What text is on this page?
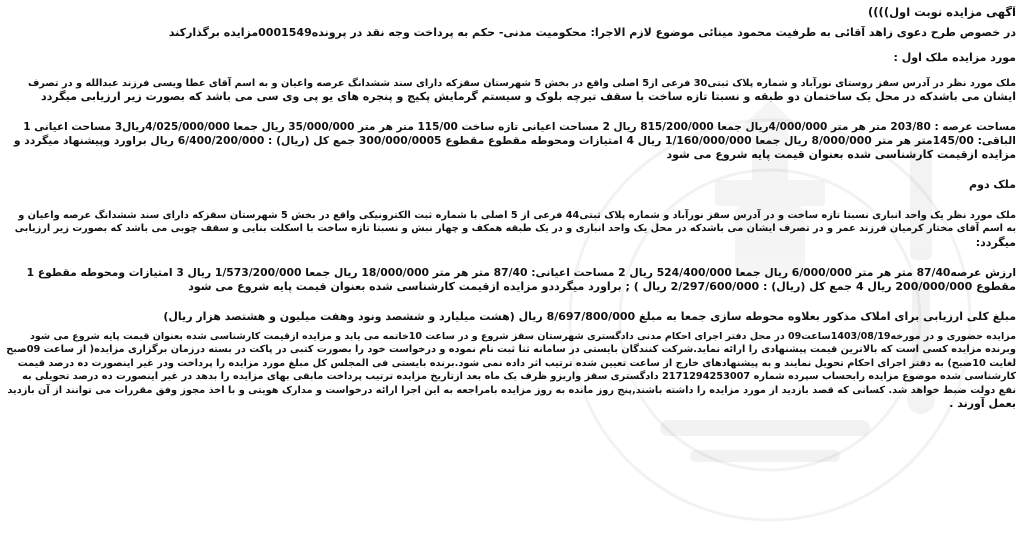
آگهی مزایده نوبت اول))))
در خصوص طرح دعوی زاهد آقائی به طرفیت محمود مینائی موضوع لازم الاجرا: محکومیت مدنی- حکم به پرداخت وجه نقد در پرونده0001549مزایده برگذارکند
مورد مزایده ملک اول :
ملک مورد نظر در آدرس سقز روستای نورآباد و شماره پلاک ثبتی30 فرعی از5 اصلی واقع در بخش 5 شهرستان سقزکه دارای سند ششدانگ عرصه واعیان و به اسم آقای عطا ویسی فرزند عبدالله و در تصرف
ایشان می باشدکه در محل یک ساختمان دو طبقه و نسبتا تازه ساخت با سقف تیرچه بلوک و سیستم گرمایش پکیج و پنجره های یو پی وی سی می باشد که بصورت زیر ارزیابی میگردد
مساحت عرصه : 203/80 متر هر متر 4/000/000ریال جمعا 815/200/000 ریال 2 مساحت اعیانی تازه ساخت 115/00 متر هر متر 35/000/000 ریال جمعا 4/025/000/000ریال3 مساحت اعیانی 1
الباقی: 145/00متر هر متر 8/000/000 ریال جمعا 1/160/000/000 ریال 4 امتیازات ومحوطه مقطوع مقطوع 300/000/0005 جمع کل (ریال) : 6/400/200/000 ریال براورد وپیشنهاد میگردد و
مزایده ازقیمت کارشناسی شده بعنوان قیمت پایه شروع می شود
ملک دوم
ملک مورد نظر یک واحد انباری نسبتا تازه ساخت و در آدرس سقز نورآباد و شماره پلاک ثبتی44 فرعی از 5 اصلی با شماره ثبت الکترونیکی واقع در بخش 5 شهرستان سقزکه دارای سند ششدانگ عرصه واعیان و
به اسم آقای مختار کرمیان فرزند عمر و در تصرف ایشان می باشدکه در محل یک واحد انباری و در یک طبقه همکف و چهار نبش و نسبتا تازه ساخت با اسکلت بنایی و سقف چوبی می باشد که بصورت زیر ارزیابی
میگردد:
ارزش عرصه87/40 متر هر متر 6/000/000 ریال جمعا 524/400/000 ریال 2 مساحت اعیانی: 87/40 متر هر متر 18/000/000 ریال جمعا 1/573/200/000 ریال 3 امتیازات ومحوطه مقطوع 1
مقطوع 200/000/000 ریال 4 جمع کل (ریال) : 2/297/600/000 ریال ) ; براورد میگرددو مزایده ازقیمت کارشناسی شده بعنوان قیمت پایه شروع می شود
مبلغ کلی ارزیابی برای املاک مذکور بعلاوه محوطه سازی جمعا به مبلغ 8/697/800/000 ریال (هشت میلیارد و ششصد ونود وهفت میلیون و هشتصد هزار ریال)
مزایده حضوری و در مورخه1403/08/19ساعت09 در محل دفتر اجرای احکام مدنی دادگستری شهرستان سقز شروع و در ساعت 10خاتمه می یابد و مزایده ازقیمت کارشناسی شده بعنوان قیمت پایه شروع می شود
وبرنده مزایده کسی است که بالاترین قیمت پیشنهادی را ارائه نماید.شرکت کنندگان بایستی در سامانه ثنا ثبت نام نموده و درخواست خود را بصورت کتبی در پاکت در بسته درزمان برگزاری مزایده( از ساعت 09صبح
لغایت 10صبح) به دفتر اجرای احکام تحویل نمایند و به پیشنهادهای خارج از ساعت تعیین شده ترتیب اثر داده نمی شود.برنده بایستی فی المجلس کل مبلغ مورد مزایده را پرداخت ودر غیر اینصورت ده درصد قیمت
کارشناسی شده موضوع مزایده رابحساب سپرده شماره 2171294253007 دادگستری سقز واریزو ظرف یک ماه بعد ازتاریخ مزایده ترتیب پرداخت مابقی بهای مزایده را بدهد در غیر اینصورت ده درصد تحویلی به
نفع دولت ضبط خواهد شد. کسانی که قصد بازدید از مورد مزایده را داشته باشند,پنج روز مانده به روز مزایده بامراجعه به این اجرا ارائه درخواست و مدارک هویتی و با اخذ مجوز وفق مقررات می توانند از آن بازدید
بعمل آورند .
